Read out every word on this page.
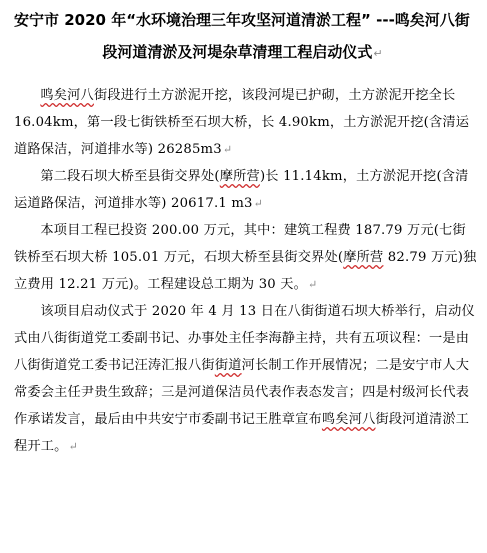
安宁市 2020 年“水环境治理三年攻坚河道清淤工程” ---鸣矣河八街
段河道清淤及河堤杂草清理工程启动仪式↵

鸣矣河八街段进行土方淤泥开挖，该段河堤已护砌，土方淤泥开挖全长 16.04km，第一段七街铁桥至石坝大桥，长 4.90km，土方淤泥开挖(含清运道路保洁，河道排水等) 26285m3↵

第二段石坝大桥至县街交界处(摩所营)长 11.14km，土方淤泥开挖(含清运道路保洁，河道排水等) 20617.1 m3↵

本项目工程已投资 200.00 万元，其中：建筑工程费 187.79 万元(七街铁桥至石坝大桥 105.01 万元，石坝大桥至县街交界处(摩所营 82.79 万元)独立费用 12.21 万元)。工程建设总工期为 30 天。↵

该项目启动仪式于 2020 年 4 月 13 日在八街街道石坝大桥举行，启动仪式由八街街道党工委副书记、办事处主任李海静主持，共有五项议程：一是由八街街道党工委书记汪涛汇报八街街道河长制工作开展情况；二是安宁市人大常委会主任尹贵生致辞；三是河道保洁员代表作表态发言；四是村级河长代表作承诺发言，最后由中共安宁市委副书记王胜章宣布鸣矣河八街段河道清淤工程开工。↵
